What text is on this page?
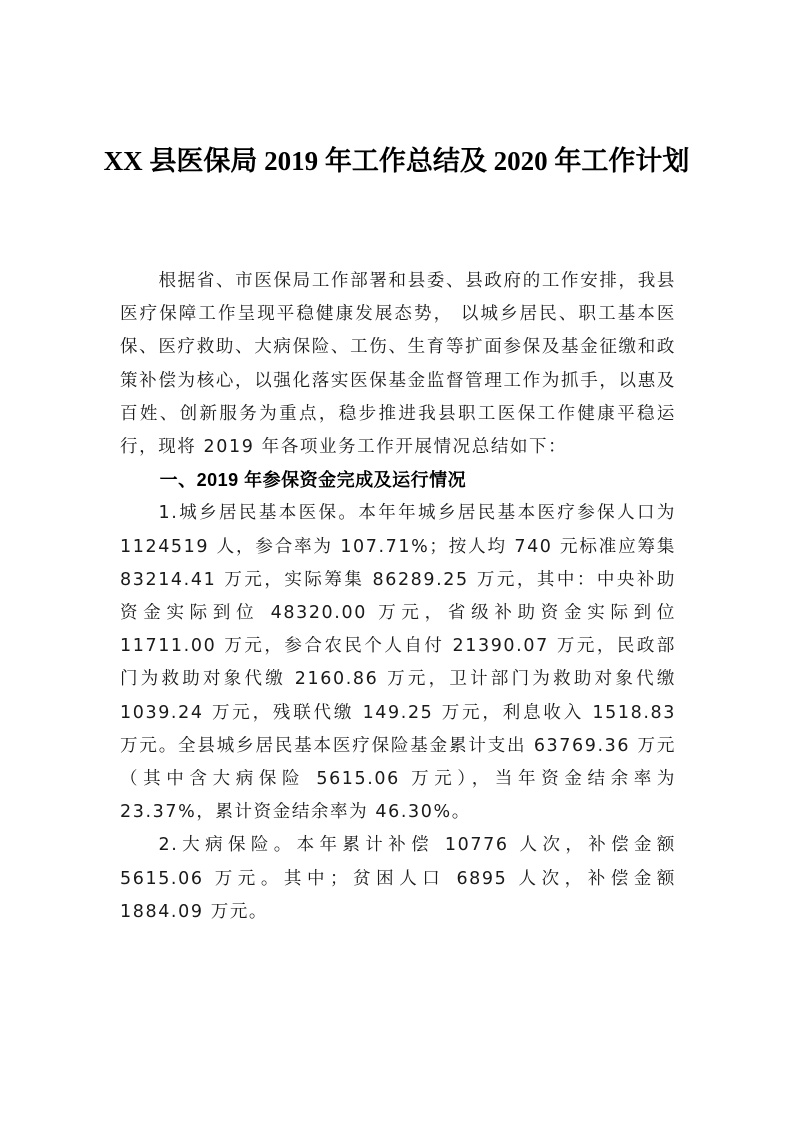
XX 县医保局 2019 年工作总结及 2020 年工作计划

根据省、市医保局工作部署和县委、县政府的工作安排，我县医疗保障工作呈现平稳健康发展态势， 以城乡居民、职工基本医保、医疗救助、大病保险、工伤、生育等扩面参保及基金征缴和政策补偿为核心，以强化落实医保基金监督管理工作为抓手，以惠及百姓、创新服务为重点，稳步推进我县职工医保工作健康平稳运行，现将 2019 年各项业务工作开展情况总结如下：

一、2019 年参保资金完成及运行情况

1.城乡居民基本医保。本年年城乡居民基本医疗参保人口为 1124519 人，参合率为 107.71%；按人均 740 元标准应筹集 83214.41 万元，实际筹集 86289.25 万元，其中：中央补助资金实际到位 48320.00 万元，省级补助资金实际到位 11711.00 万元，参合农民个人自付 21390.07 万元，民政部门为救助对象代缴 2160.86 万元，卫计部门为救助对象代缴 1039.24 万元，残联代缴 149.25 万元，利息收入 1518.83 万元。全县城乡居民基本医疗保险基金累计支出 63769.36 万元（其中含大病保险 5615.06 万元），当年资金结余率为 23.37%，累计资金结余率为 46.30%。

2.大病保险。本年累计补偿 10776 人次，补偿金额 5615.06 万元。其中；贫困人口 6895 人次，补偿金额 1884.09 万元。
